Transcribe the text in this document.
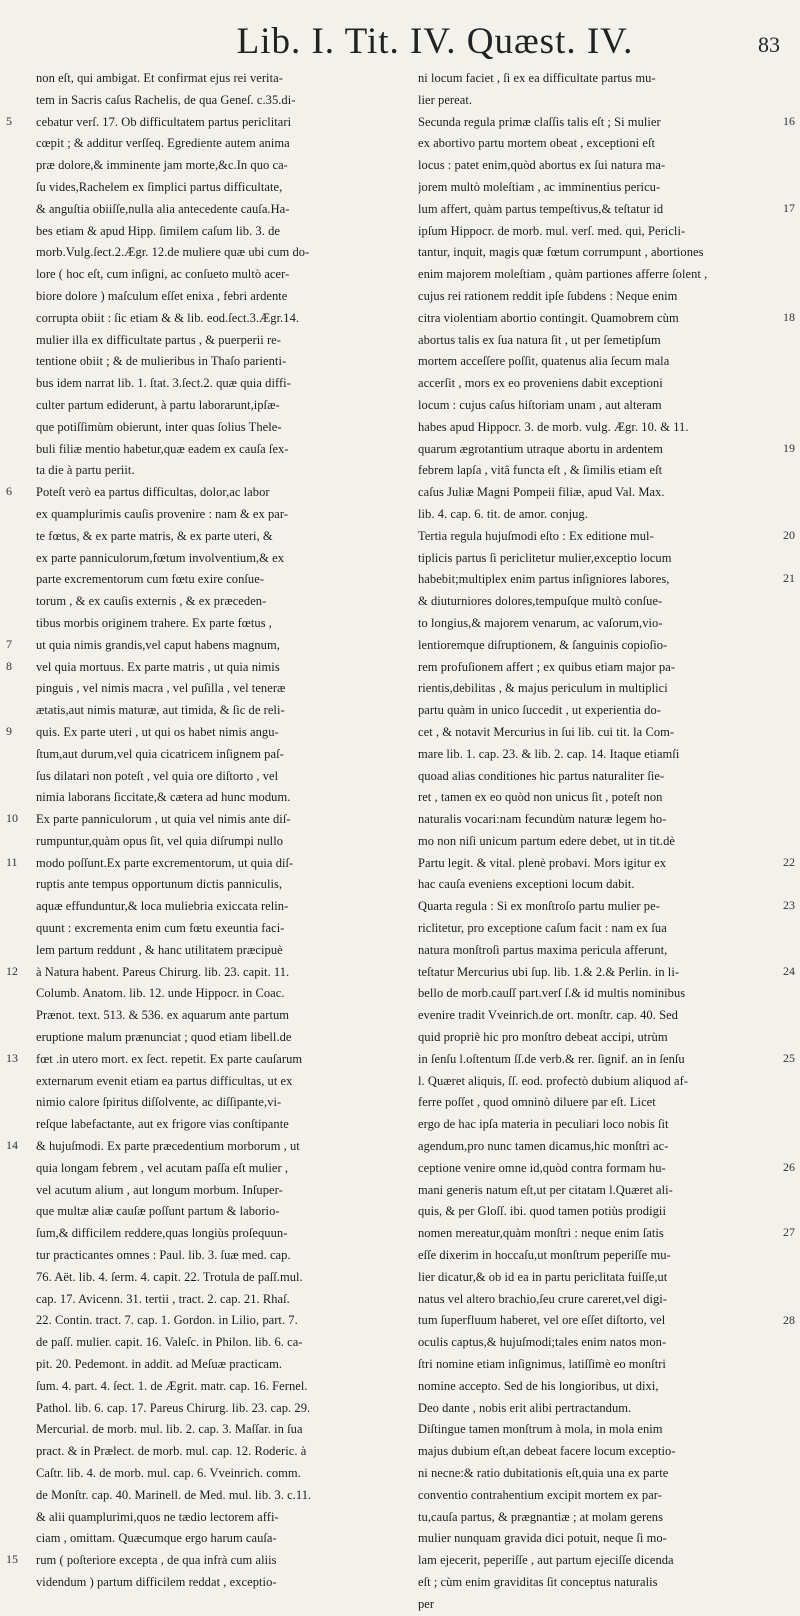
Lib. I. Tit. IV. Quæst. IV.	83
non eſt, qui ambigat. Et confirmat ejus rei verita-
tem in Sacris caſus Rachelis, de qua Geneſ. c.35.di-
cebatur verſ. 17. Ob difficultatem partus periclitari
cœpit ; & additur verſſeq. Egrediente autem anima
præ dolore,& imminente jam morte,&c.In quo ca-
ſu vides,Rachelem ex ſimplici partus difficultate,
& anguſtia obiiſſe,nulla alia antecedente cauſa.Ha-
bes etiam & apud Hipp. ſimilem caſum lib. 3. de
morb.Vulg.ſect.2.Ægr. 12.de muliere quæ ubi cum do-
lore ( hoc eſt, cum inſigni, ac conſueto multò acer-
biore dolore ) maſculum eſſet enixa , febri ardente
corrupta obiit : ſic etiam & & lib. eod.ſect.3.Ægr.14.
mulier illa ex difficultate partus , & puerperii re-
tentione obiit ; & de mulieribus in Thaſo parienti-
bus idem narrat lib. 1. ſtat. 3.ſect.2. quæ quia diffi-
culter partum ediderunt, à partu laborarunt,ipſæ-
que potiſſimùm obierunt, inter quas ſolius Thele-
buli filiæ mentio habetur,quæ eadem ex cauſa ſex-
ta die à partu periit.
Poteſt verò ea partus difficultas, dolor,ac labor
ex quamplurimis cauſis provenire : nam & ex par-
te fœtus, & ex parte matris, & ex parte uteri, &
ex parte panniculorum,fœtum involventium,& ex
parte excrementorum cum fœtu exire conſue-
torum , & ex cauſis externis , & ex præceden-
tibus morbis originem trahere. Ex parte fœtus ,
ut quia nimis grandis,vel caput habens magnum,
vel quia mortuus. Ex parte matris , ut quia nimis
pinguis , vel nimis macra , vel puſilla , vel teneræ
ætatis,aut nimis maturæ, aut timida, & ſic de reli-
quis. Ex parte uteri , ut qui os habet nimis angu-
ſtum,aut durum,vel quia cicatricem inſignem paſ-
ſus dilatari non poteſt , vel quia ore diſtorto , vel
nimia laborans ſiccitate,& cætera ad hunc modum.
Ex parte panniculorum , ut quia vel nimis ante diſ-
rumpuntur,quàm opus ſit, vel quia diſrumpi nullo
modo poſſunt.Ex parte excrementorum, ut quia diſ-
ruptis ante tempus opportunum dictis panniculis,
aquæ effunduntur,& loca muliebria exiccata relin-
quunt : excrementa enim cum fœtu exeuntia faci-
lem partum reddunt , & hanc utilitatem præcipuè
à Natura habent. Pareus Chirurg. lib. 23. capit. 11.
Columb. Anatom. lib. 12. unde Hippocr. in Coac.
Prænot. text. 513. & 536. ex aquarum ante partum
eruptione malum prænunciat ; quod etiam libell.de
fœt .in utero mort. ex ſect. repetit. Ex parte cauſarum
externarum evenit etiam ea partus difficultas, ut ex
nimio calore ſpiritus diſſolvente, ac diſſipante,vi-
reſque labefactante, aut ex frigore vias conſtipante
& hujuſmodi. Ex parte præcedentium morborum , ut
quia longam febrem , vel acutam paſſa eſt mulier ,
vel acutum alium , aut longum morbum. Inſuper-
que multæ aliæ cauſæ poſſunt partum & laborio-
ſum,& difficilem reddere,quas longiùs proſequun-
tur practicantes omnes : Paul. lib. 3. ſuæ med. cap.
76. Aët. lib. 4. ſerm. 4. capit. 22. Trotula de paſſ.mul.
cap. 17. Avicenn. 31. tertii , tract. 2. cap. 21. Rhaſ.
22. Contin. tract. 7. cap. 1. Gordon. in Lilio, part. 7.
de paſſ. mulier. capit. 16. Valeſc. in Philon. lib. 6. ca-
pit. 20. Pedemont. in addit. ad Meſuæ practicam.
ſum. 4. part. 4. ſect. 1. de Ægrit. matr. cap. 16. Fernel.
Pathol. lib. 6. cap. 17. Pareus Chirurg. lib. 23. cap. 29.
Mercurial. de morb. mul. lib. 2. cap. 3. Maſſar. in ſua
pract. & in Prælect. de morb. mul. cap. 12. Roderic. à
Caſtr. lib. 4. de morb. mul. cap. 6. Vveinrich. comm.
de Monſtr. cap. 40. Marinell. de Med. mul. lib. 3. c.11.
& alii quamplurimi,quos ne tædio lectorem affi-
ciam , omittam. Quæcumque ergo harum cauſa-
rum ( poſteriore excepta , de qua infrà cum aliis
videndum ) partum difficilem reddat , exceptio-
ni locum faciet , ſi ex ea difficultate partus mu-
lier pereat.
Secunda regula primæ claſſis talis eſt ; Si mulier
ex abortivo partu mortem obeat , exceptioni eſt
locus : patet enim,quòd abortus ex ſui natura ma-
jorem multò moleſtiam , ac imminentius pericu-
lum affert, quàm partus tempeſtivus,& teſtatur id
ipſum Hippocr. de morb. mul. verſ. med. qui, Pericli-
tantur, inquit, magis quæ fœtum corrumpunt , abortiones
enim majorem moleſtiam , quàm partiones afferre ſolent ,
cujus rei rationem reddit ipſe ſubdens : Neque enim
citra violentiam abortio contingit. Quamobrem cùm
abortus talis ex ſua natura ſit , ut per ſemetipſum
mortem acceſſere poſſit, quatenus alia ſecum mala
accerſit , mors ex eo proveniens dabit exceptioni
locum : cujus caſus hiſtoriam unam , aut alteram
habes apud Hippocr. 3. de morb. vulg. Ægr. 10. & 11.
quarum ægrotantium utraque abortu in ardentem
febrem lapſa , vitâ functa eſt , & ſimilis etiam eſt
caſus Juliæ Magni Pompeii filiæ, apud Val. Max.
lib. 4. cap. 6. tit. de amor. conjug.
Tertia regula hujuſmodi eſto : Ex editione mul-
tiplicis partus ſi periclitetur mulier,exceptio locum
habebit;multiplex enim partus inſigniores labores,
& diuturniores dolores,tempuſque multò conſue-
to longius,& majorem venarum, ac vaſorum,vio-
lentioremque diſruptionem, & ſanguinis copioſio-
rem profuſionem affert ; ex quibus etiam major pa-
rientis,debilitas , & majus periculum in multiplici
partu quàm in unico ſuccedit , ut experientia do-
cet , & notavit Mercurius in ſui lib. cui tit. la Com-
mare lib. 1. cap. 23. & lib. 2. cap. 14. Itaque etiamſi
quoad alias conditiones hic partus naturaliter ſie-
ret , tamen ex eo quòd non unicus ſit , poteſt non
naturalis vocari:nam fecundùm naturæ legem ho-
mo non niſi unicum partum edere debet, ut in tit.dè
Partu legit. & vital. plenè probavi. Mors igitur ex
hac cauſa eveniens exceptioni locum dabit.
Quarta regula : Si ex monſtroſo partu mulier pe-
riclitetur, pro exceptione caſum facit : nam ex ſua
natura monſtroſi partus maxima pericula afferunt,
teſtatur Mercurius ubi ſup. lib. 1.& 2.& Perlin. in li-
bello de morb.cauſſ part.verſ ſ.& id multis nominibus
evenire tradit Vveinrich.de ort. monſtr. cap. 40. Sed
quid propriè hic pro monſtro debeat accipi, utrùm
in ſenſu l.oſtentum ſſ.de verb.& rer. ſignif. an in ſenſu
l. Quæret aliquis, ſſ. eod. profectò dubium aliquod af-
ferre poſſet , quod omninò diluere par eſt. Licet
ergo de hac ipſa materia in peculiari loco nobis ſit
agendum,pro nunc tamen dicamus,hic monſtri ac-
ceptione venire omne id,quòd contra formam hu-
mani generis natum eſt,ut per citatam l.Quæret ali-
quis, & per Gloſſ. ibi. quod tamen potiùs prodigii
nomen mereatur,quàm monſtri : neque enim ſatis
eſſe dixerim in hoccaſu,ut monſtrum peperiſſe mu-
lier dicatur,& ob id ea in partu periclitata fuiſſe,ut
natus vel altero brachio,ſeu crure careret,vel digi-
tum ſuperfluum haberet, vel ore eſſet diſtorto, vel
oculis captus,& hujuſmodi;tales enim natos mon-
ſtri nomine etiam inſignimus, latiſſimè eo monſtri
nomine accepto. Sed de his longioribus, ut dixi,
Deo dante , nobis erit alibi pertractandum.
Diſtingue tamen monſtrum à mola, in mola enim
majus dubium eſt,an debeat facere locum exceptio-
ni necne:& ratio dubitationis eſt,quia una ex parte
conventio contrahentium excipit mortem ex par-
tu,cauſa partus, & prægnantiæ ; at molam gerens
mulier nunquam gravida dici potuit, neque ſi mo-
lam ejecerit, peperiſſe , aut partum ejeciſſe dicenda
eſt ; cùm enim graviditas ſit conceptus naturalis
per
5
6
7
8
9
10
11
12
13
14
15
16
17
18
19
20
21
22
23
24
25
26
27
28
